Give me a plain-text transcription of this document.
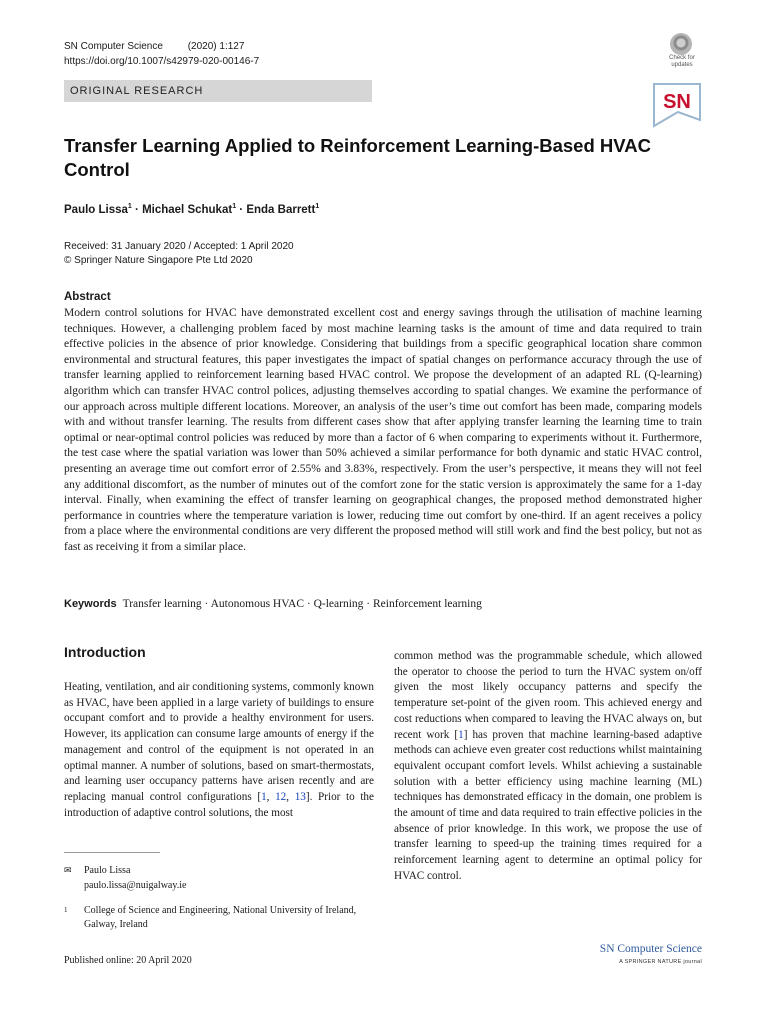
SN Computer Science (2020) 1:127
https://doi.org/10.1007/s42979-020-00146-7
ORIGINAL RESEARCH
Check for updates
SN
Transfer Learning Applied to Reinforcement Learning-Based HVAC Control
Paulo Lissa$^1$ · Michael Schukat$^1$ · Enda Barrett$^1$
Received: 31 January 2020 / Accepted: 1 April 2020
© Springer Nature Singapore Pte Ltd 2020
Abstract
Modern control solutions for HVAC have demonstrated excellent cost and energy savings through the utilisation of machine learning techniques. However, a challenging problem faced by most machine learning tasks is the amount of time and data required to train effective policies in the absence of prior knowledge. Considering that buildings from a specific geographical location share common environmental and structural features, this paper investigates the impact of spatial changes on performance accuracy through the use of transfer learning applied to reinforcement learning based HVAC control. We propose the development of an adapted RL (Q-learning) algorithm which can transfer HVAC control polices, adjusting themselves according to spatial changes. We examine the performance of our approach across multiple different locations. Moreover, an analysis of the user’s time out comfort has been made, comparing models with and without transfer learning. The results from different cases show that after applying transfer learning the learning time to train optimal or near-optimal control policies was reduced by more than a factor of 6 when comparing to experiments without it. Furthermore, the test case where the spatial variation was lower than 50% achieved a similar performance for both dynamic and static HVAC control, presenting an average time out comfort error of 2.55% and 3.83%, respectively. From the user’s perspective, it means they will not feel any additional discomfort, as the number of minutes out of the comfort zone for the static version is approximately the same for a 1-day interval. Finally, when examining the effect of transfer learning on geographical changes, the proposed method demonstrated higher performance in countries where the temperature variation is lower, reducing time out comfort by one-third. If an agent receives a policy from a place where the environmental conditions are very different the proposed method will still work and find the best policy, but not as fast as receiving it from a similar place.
Keywords Transfer learning · Autonomous HVAC · Q-learning · Reinforcement learning
Introduction
Heating, ventilation, and air conditioning systems, commonly known as HVAC, have been applied in a large variety of buildings to ensure occupant comfort and to provide a healthy environment for users. However, its application can consume large amounts of energy if the management and control of the equipment is not operated in an optimal manner. A number of solutions, based on smart-thermostats, and learning user occupancy patterns have arisen recently and are replacing manual control configurations [1, 12, 13]. Prior to the introduction of adaptive control solutions, the most
common method was the programmable schedule, which allowed the operator to choose the period to turn the HVAC system on/off given the most likely occupancy patterns and specify the temperature set-point of the given room. This achieved energy and cost reductions when compared to leaving the HVAC always on, but recent work [1] has proven that machine learning-based adaptive methods can achieve even greater cost reductions whilst maintaining equivalent occupant comfort levels. Whilst achieving a sustainable solution with a better efficiency using machine learning (ML) techniques has demonstrated efficacy in the domain, one problem is the amount of time and data required to train effective policies in the absence of prior knowledge. In this work, we propose the use of transfer learning to speed-up the training times required for a reinforcement learning agent to determine an optimal policy for HVAC control.
✉ Paulo Lissa
paulo.lissa@nuigalway.ie
1 College of Science and Engineering, National University of Ireland, Galway, Ireland
Published online: 20 April 2020
SN Computer Science
A SPRINGER NATURE journal
